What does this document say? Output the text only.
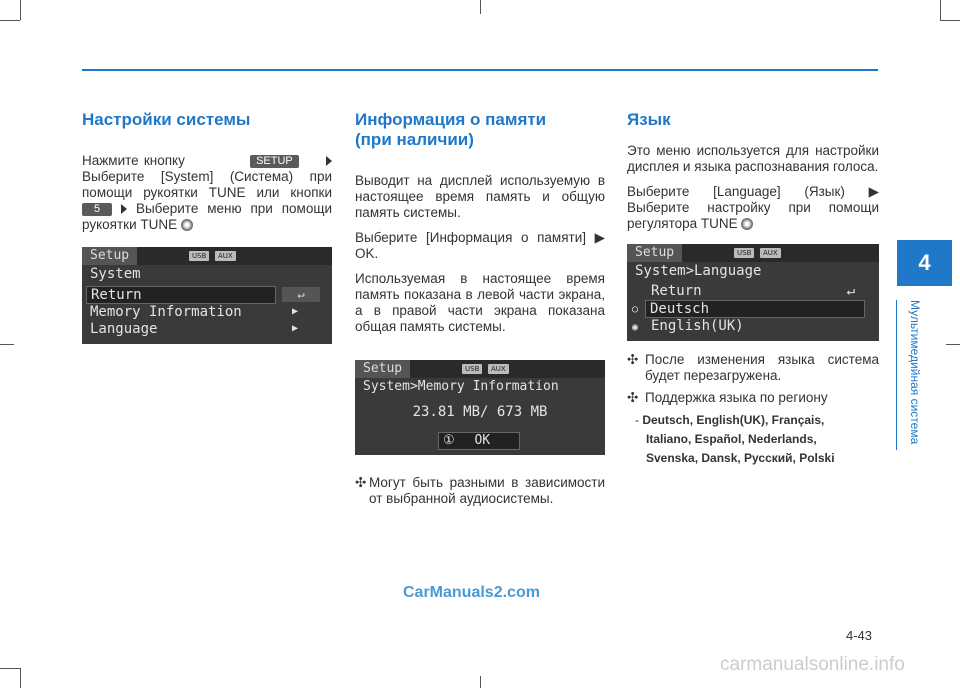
4
Мультимедийная система
Настройки системы
Нажмите кнопку	SETUP  Выберите [System] (Система) при помощи рукоятки TUNE или кнопки 5	Выберите меню при помощи рукоятки TUNE
Setup	USB	AUX
System
Return	↵
Memory Information	▶
Language	▶
Информация о памяти
(при наличии)

Выводит на дисплей используемую в настоящее время память и общую память системы.

Выберите [Информация о памяти] ▶ OK.

Используемая в настоящее время память показана в левой части экрана, а в правой части экрана показана общая память системы.

Setup	USB	AUX
System>Memory Information
23.81 MB/ 673 MB
① OK
✣ Могут быть разными в зависимости от выбранной аудиосистемы.
Язык

Это меню используется для настройки дисплея и языка распознавания голоса.

Выберите [Language] (Язык) ▶ Выберите настройку при помощи регулятора TUNE

Setup	USB	AUX
System>Language
Return	↵
○ Deutsch
◉ English(UK)
✣ После изменения языка система будет перезагружена.
✣ Поддержка языка по региону
- Deutsch, English(UK), Français,
Italiano, Español, Nederlands,
Svenska, Dansk, Русский, Polski
CarManuals2.com
4-43
carmanualsonline.info
